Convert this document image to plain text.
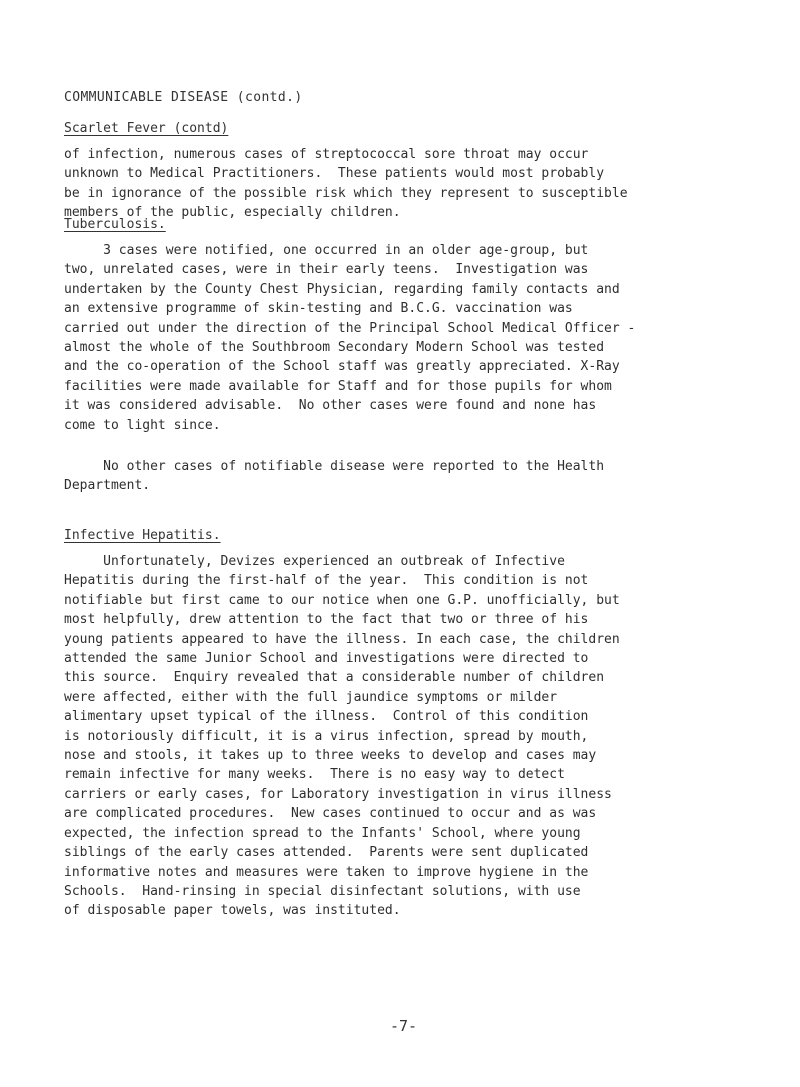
COMMUNICABLE DISEASE (contd.)
Scarlet Fever (contd)

of infection, numerous cases of streptococcal sore throat may occur
unknown to Medical Practitioners.  These patients would most probably
be in ignorance of the possible risk which they represent to susceptible
members of the public, especially children.

Tuberculosis.

3 cases were notified, one occurred in an older age-group, but
two, unrelated cases, were in their early teens.  Investigation was
undertaken by the County Chest Physician, regarding family contacts and
an extensive programme of skin-testing and B.C.G. vaccination was
carried out under the direction of the Principal School Medical Officer -
almost the whole of the Southbroom Secondary Modern School was tested
and the co-operation of the School staff was greatly appreciated. X-Ray
facilities were made available for Staff and for those pupils for whom
it was considered advisable.  No other cases were found and none has
come to light since.

No other cases of notifiable disease were reported to the Health
Department.

Infective Hepatitis.

Unfortunately, Devizes experienced an outbreak of Infective
Hepatitis during the first-half of the year.  This condition is not
notifiable but first came to our notice when one G.P. unofficially, but
most helpfully, drew attention to the fact that two or three of his
young patients appeared to have the illness. In each case, the children
attended the same Junior School and investigations were directed to
this source.  Enquiry revealed that a considerable number of children
were affected, either with the full jaundice symptoms or milder
alimentary upset typical of the illness.  Control of this condition
is notoriously difficult, it is a virus infection, spread by mouth,
nose and stools, it takes up to three weeks to develop and cases may
remain infective for many weeks.  There is no easy way to detect
carriers or early cases, for Laboratory investigation in virus illness
are complicated procedures.  New cases continued to occur and as was
expected, the infection spread to the Infants' School, where young
siblings of the early cases attended.  Parents were sent duplicated
informative notes and measures were taken to improve hygiene in the
Schools.  Hand-rinsing in special disinfectant solutions, with use
of disposable paper towels, was instituted.

-7-
